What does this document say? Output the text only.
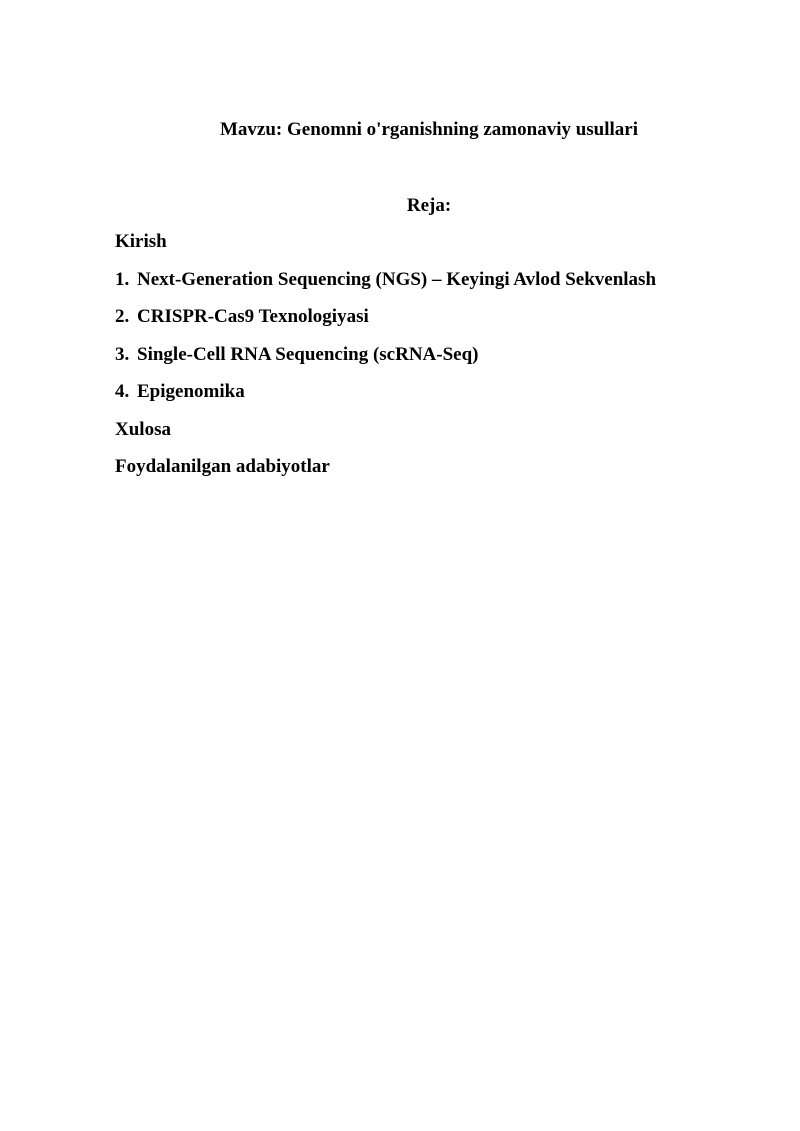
Mavzu: Genomni o'rganishning zamonaviy usullari
Reja:
Kirish
1. Next-Generation Sequencing (NGS) – Keyingi Avlod Sekvenlash
2. CRISPR-Cas9 Texnologiyasi
3. Single-Cell RNA Sequencing (scRNA-Seq)
4. Epigenomika
Xulosa
Foydalanilgan adabiyotlar
